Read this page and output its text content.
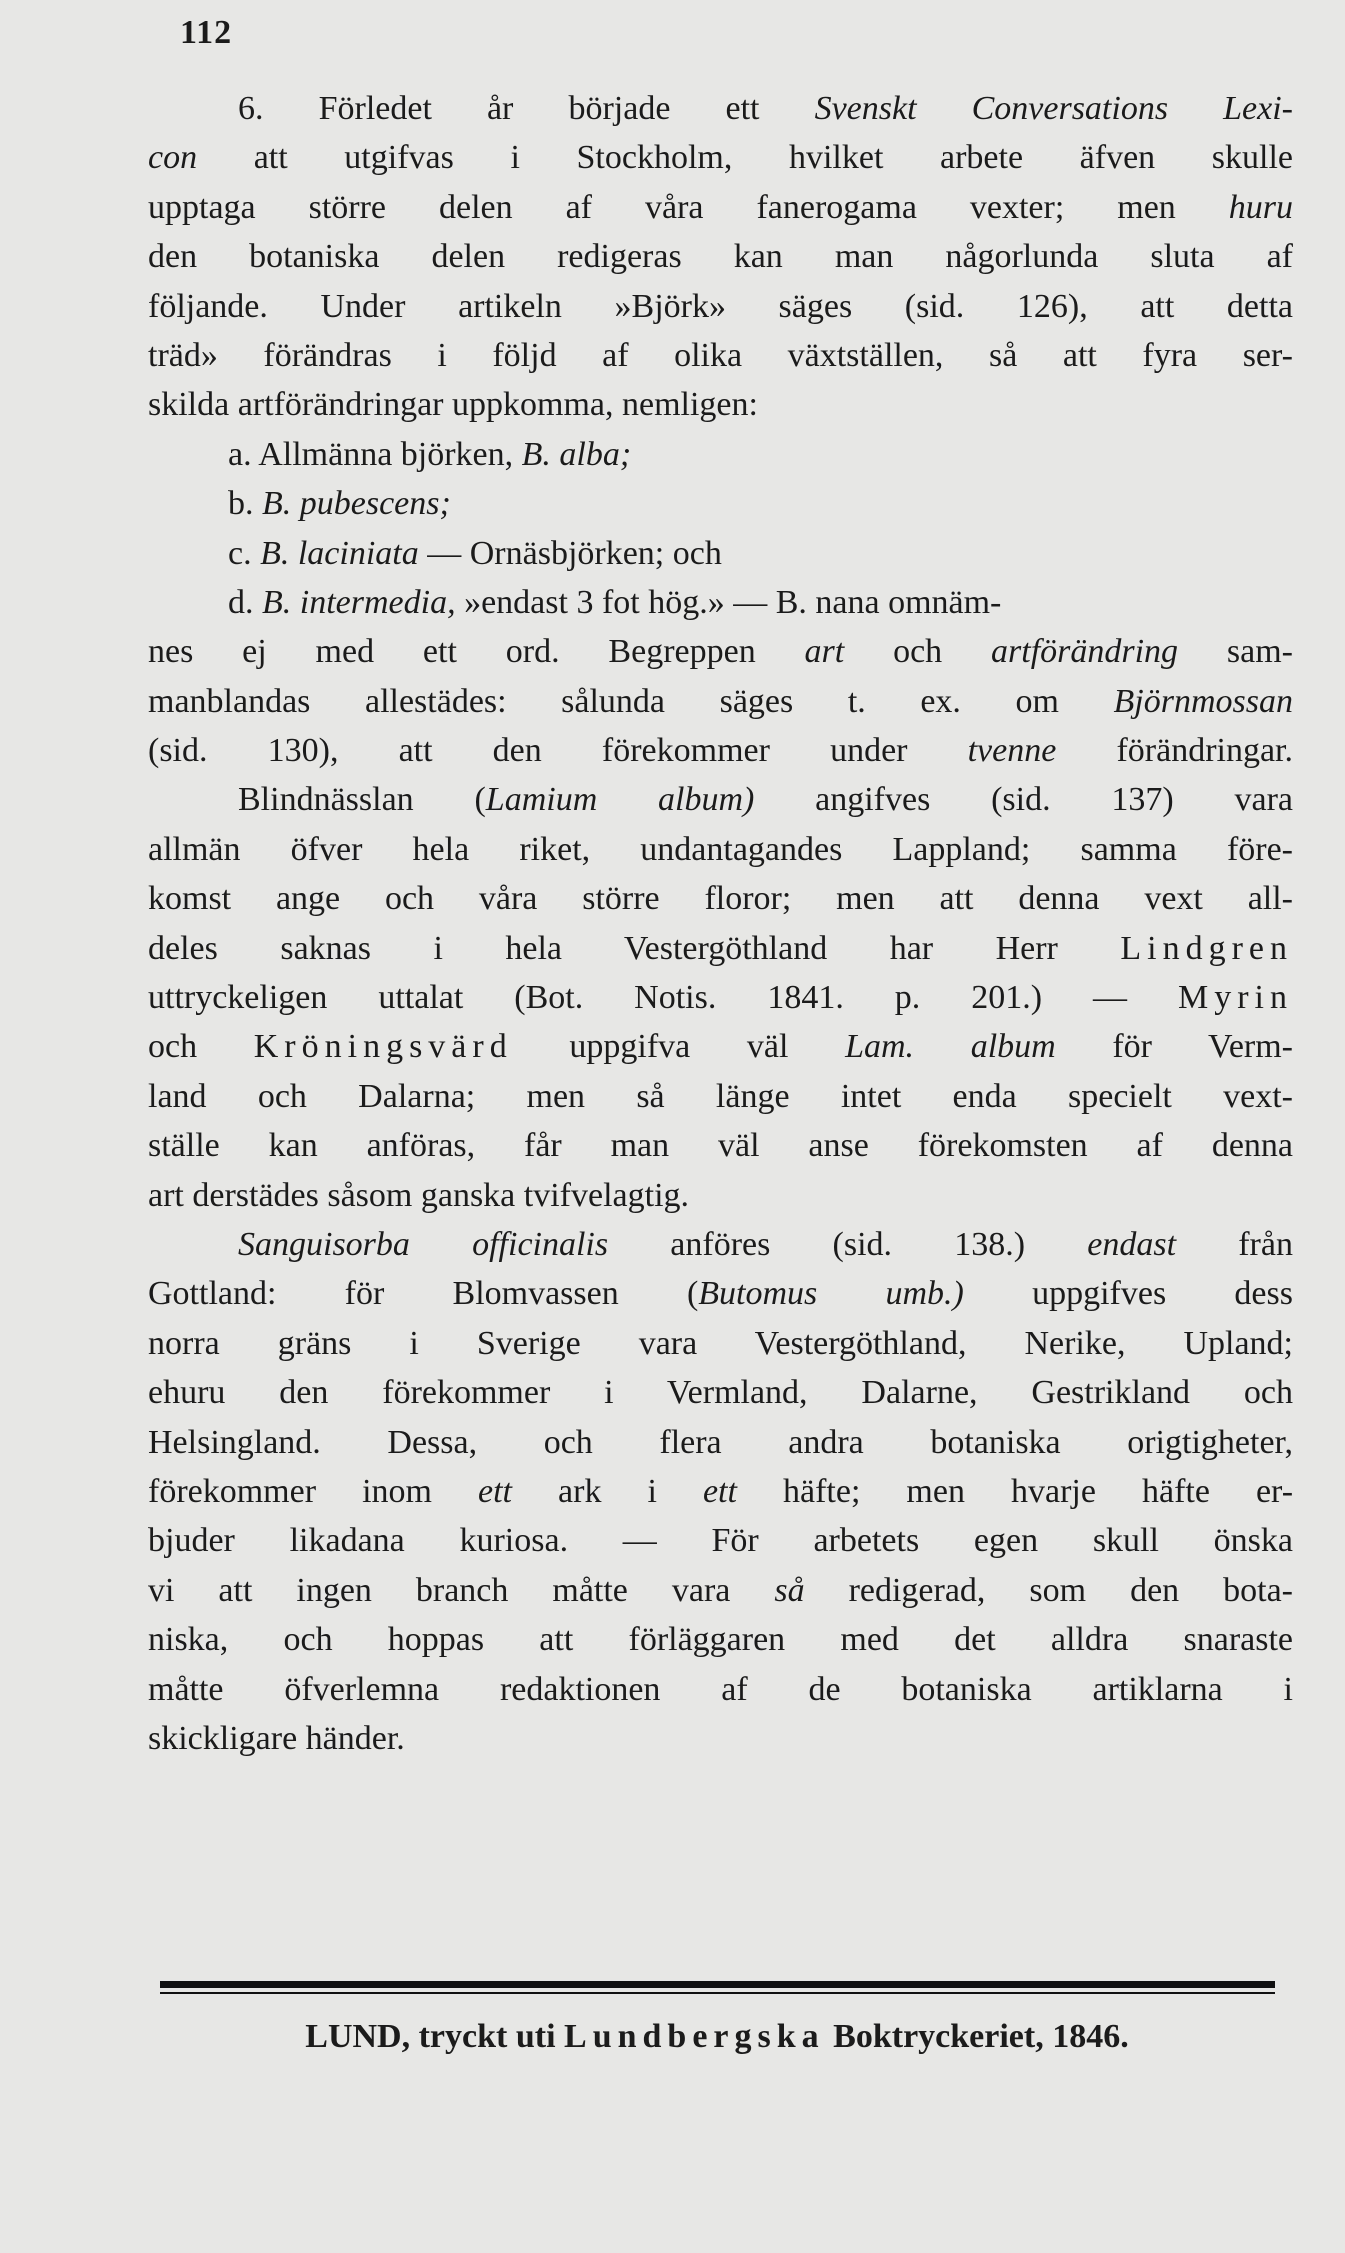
112
6. Förledet år började ett Svenskt Conversations Lexi-
con att utgifvas i Stockholm, hvilket arbete äfven skulle
upptaga större delen af våra fanerogama vexter; men huru
den botaniska delen redigeras kan man någorlunda sluta af
följande. Under artikeln »Björk» säges (sid. 126), att detta
träd» förändras i följd af olika växtställen, så att fyra ser-
skilda artförändringar uppkomma, nemligen:
a. Allmänna björken, B. alba;
b. B. pubescens;
c. B. laciniata — Ornäsbjörken; och
d. B. intermedia, »endast 3 fot hög.» — B. nana omnäm-
nes ej med ett ord. Begreppen art och artförändring sam-
manblandas allestädes: sålunda säges t. ex. om Björnmossan
(sid. 130), att den förekommer under tvenne förändringar.
Blindnässlan (Lamium album) angifves (sid. 137) vara
allmän öfver hela riket, undantagandes Lappland; samma före-
komst ange och våra större floror; men att denna vext all-
deles saknas i hela Vestergöthland har Herr Lindgren
uttryckeligen uttalat (Bot. Notis. 1841. p. 201.) — Myrin
och Kröningsvärd uppgifva väl Lam. album för Verm-
land och Dalarna; men så länge intet enda specielt vext-
ställe kan anföras, får man väl anse förekomsten af denna
art derstädes såsom ganska tvifvelagtig.
Sanguisorba officinalis anföres (sid. 138.) endast från
Gottland: för Blomvassen (Butomus umb.) uppgifves dess
norra gräns i Sverige vara Vestergöthland, Nerike, Upland;
ehuru den förekommer i Vermland, Dalarne, Gestrikland och
Helsingland. Dessa, och flera andra botaniska origtigheter,
förekommer inom ett ark i ett häfte; men hvarje häfte er-
bjuder likadana kuriosa. — För arbetets egen skull önska
vi att ingen branch måtte vara så redigerad, som den bota-
niska, och hoppas att förläggaren med det alldra snaraste
måtte öfverlemna redaktionen af de botaniska artiklarna i
skickligare händer.
LUND, tryckt uti Lundbergska Boktryckeriet, 1846.
